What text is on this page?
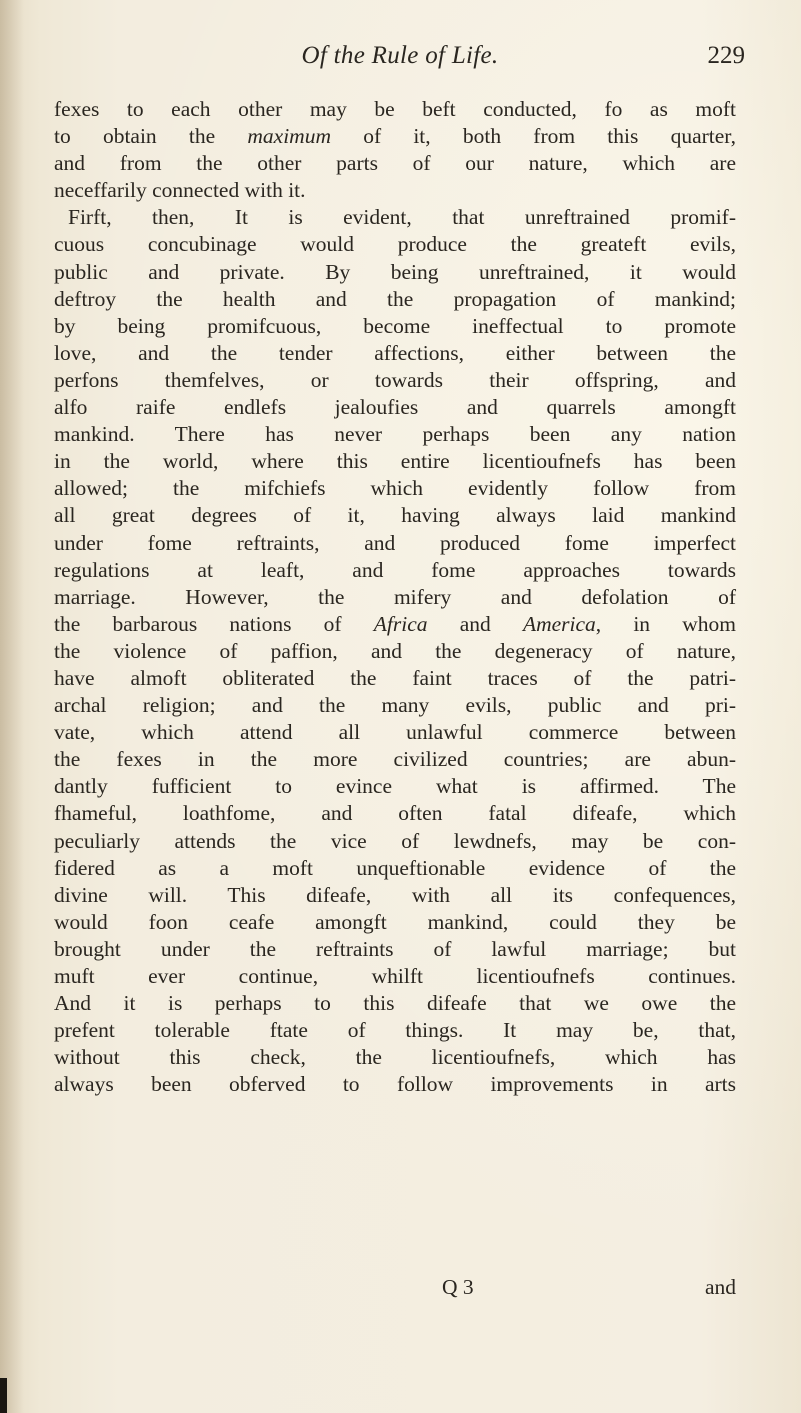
Of the Rule of Life.	229
fexes to each other may be beft conducted, fo as moft
to obtain the maximum of it, both from this quarter,
and from the other parts of our nature, which are
neceffarily connected with it.
Firft, then, It is evident, that unreftrained promif-
cuous concubinage would produce the greateft evils,
public and private. By being unreftrained, it would
deftroy the health and the propagation of mankind;
by being promifcuous, become ineffectual to promote
love, and the tender affections, either between the
perfons themfelves, or towards their offspring, and
alfo raife endlefs jealoufies and quarrels amongft
mankind. There has never perhaps been any nation
in the world, where this entire licentioufnefs has been
allowed; the mifchiefs which evidently follow from
all great degrees of it, having always laid mankind
under fome reftraints, and produced fome imperfect
regulations at leaft, and fome approaches towards
marriage. However, the mifery and defolation of
the barbarous nations of Africa and America, in whom
the violence of paffion, and the degeneracy of nature,
have almoft obliterated the faint traces of the patri-
archal religion; and the many evils, public and pri-
vate, which attend all unlawful commerce between
the fexes in the more civilized countries; are abun-
dantly fufficient to evince what is affirmed. The
fhameful, loathfome, and often fatal difeafe, which
peculiarly attends the vice of lewdnefs, may be con-
fidered as a moft unqueftionable evidence of the
divine will. This difeafe, with all its confequences,
would foon ceafe amongft mankind, could they be
brought under the reftraints of lawful marriage; but
muft ever continue, whilft licentioufnefs continues.
And it is perhaps to this difeafe that we owe the
prefent tolerable ftate of things. It may be, that,
without this check, the licentioufnefs, which has
always been obferved to follow improvements in arts
Q 3	and
